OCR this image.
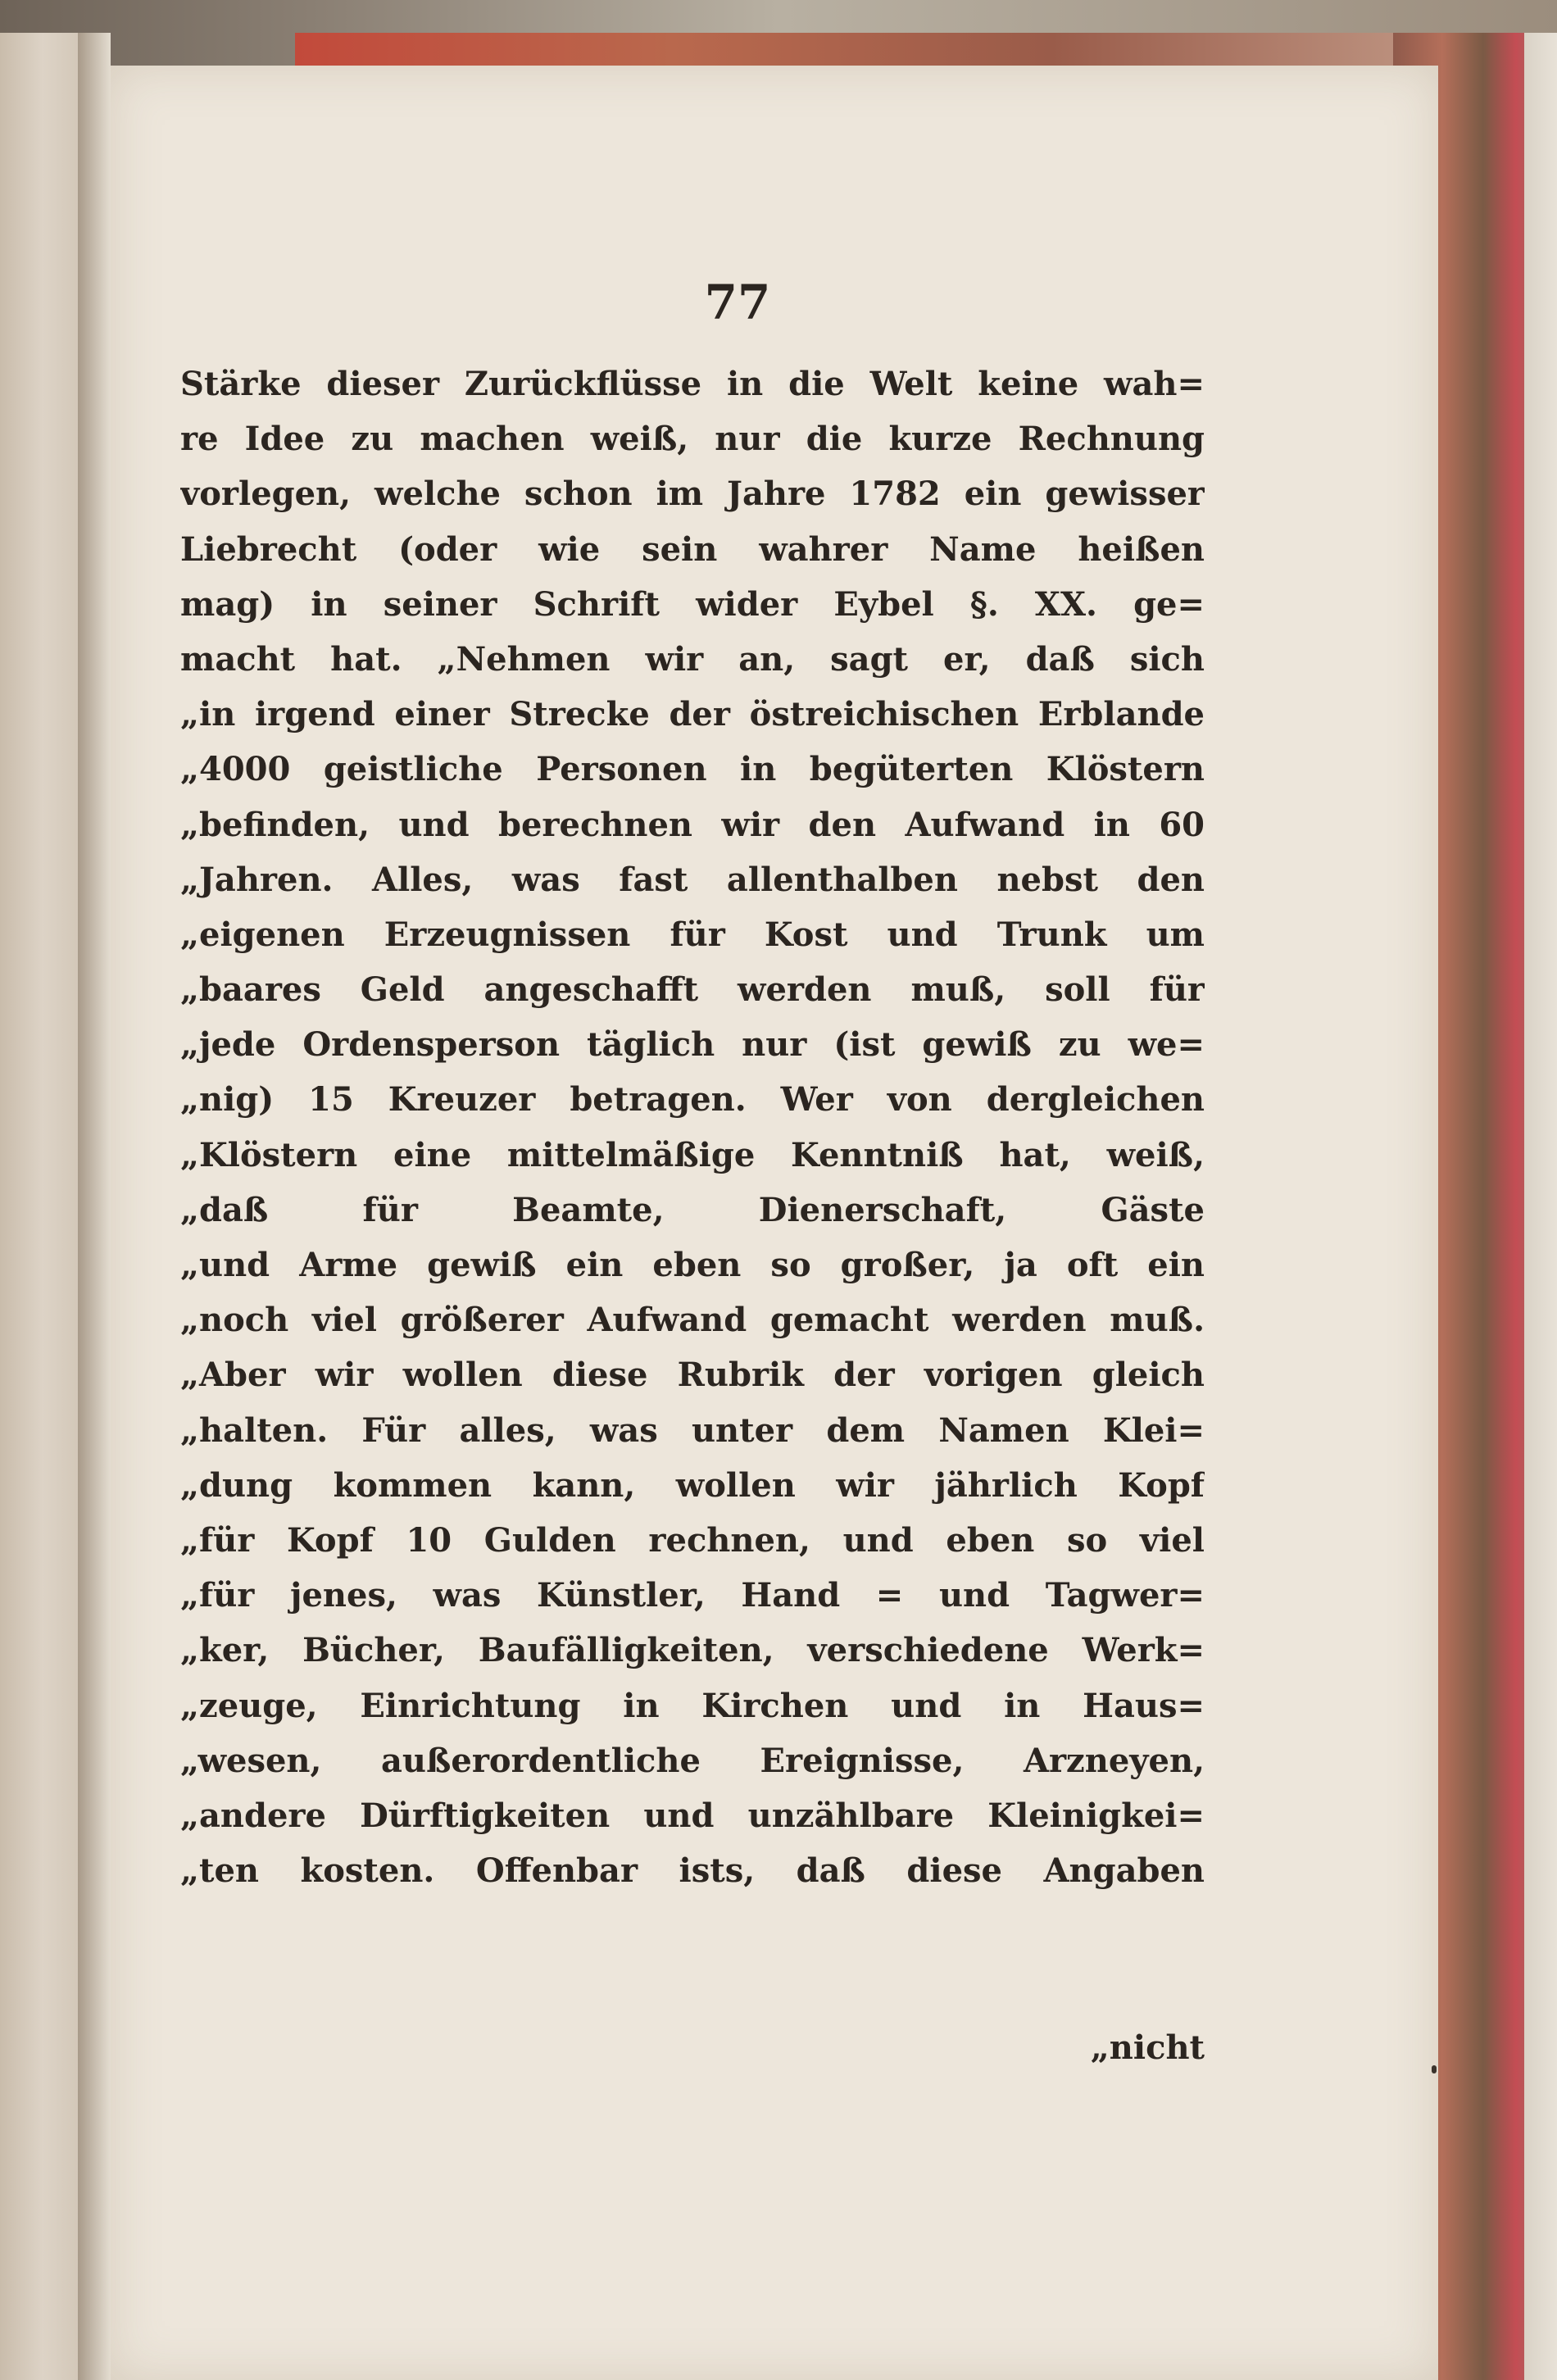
77
Stärke dieser Zurückflüsse in die Welt keine wah=
re Idee zu machen weiß, nur die kurze Rechnung
vorlegen, welche schon im Jahre 1782 ein gewisser
Liebrecht (oder wie sein wahrer Name heißen
mag) in seiner Schrift wider Eybel §. XX. ge=
macht hat. „Nehmen wir an, sagt er, daß sich
„in irgend einer Strecke der östreichischen Erblande
„4000 geistliche Personen in begüterten Klöstern
„befinden, und berechnen wir den Aufwand in 60
„Jahren. Alles, was fast allenthalben nebst den
„eigenen Erzeugnissen für Kost und Trunk um
„baares Geld angeschafft werden muß, soll für
„jede Ordensperson täglich nur (ist gewiß zu we=
„nig) 15 Kreuzer betragen. Wer von dergleichen
„Klöstern eine mittelmäßige Kenntniß hat, weiß,
„daß für Beamte, Dienerschaft, Gäste
„und Arme gewiß ein eben so großer, ja oft ein
„noch viel größerer Aufwand gemacht werden muß.
„Aber wir wollen diese Rubrik der vorigen gleich
„halten. Für alles, was unter dem Namen Klei=
„dung kommen kann, wollen wir jährlich Kopf
„für Kopf 10 Gulden rechnen, und eben so viel
„für jenes, was Künstler, Hand = und Tagwer=
„ker, Bücher, Baufälligkeiten, verschiedene Werk=
„zeuge, Einrichtung in Kirchen und in Haus=
„wesen, außerordentliche Ereignisse, Arzneyen,
„andere Dürftigkeiten und unzählbare Kleinigkei=
„ten kosten. Offenbar ists, daß diese Angaben
„nicht
